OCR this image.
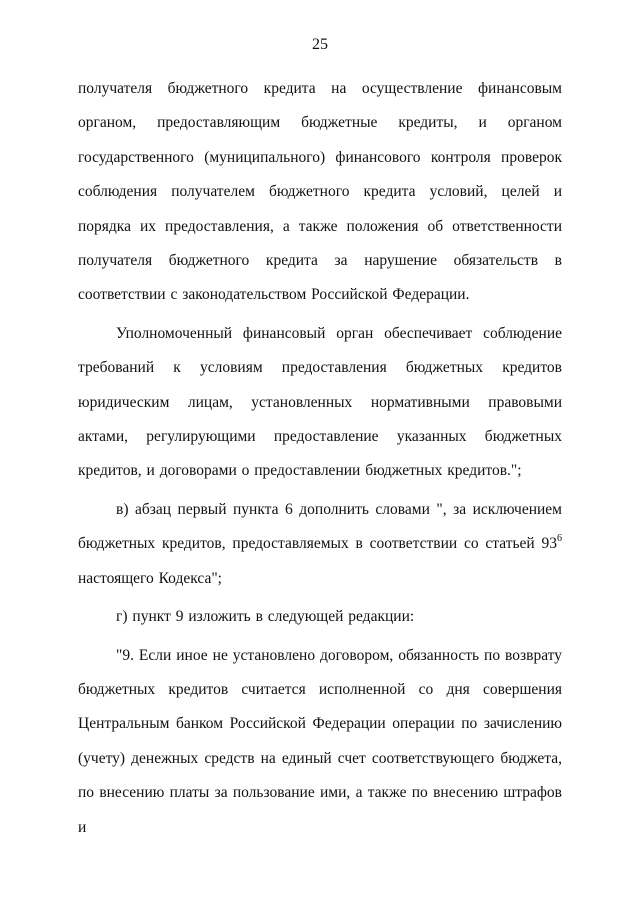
25

получателя бюджетного кредита на осуществление финансовым органом, предоставляющим бюджетные кредиты, и органом государственного (муниципального) финансового контроля проверок соблюдения получателем бюджетного кредита условий, целей и порядка их предоставления, а также положения об ответственности получателя бюджетного кредита за нарушение обязательств в соответствии с законодательством Российской Федерации.

Уполномоченный финансовый орган обеспечивает соблюдение требований к условиям предоставления бюджетных кредитов юридическим лицам, установленных нормативными правовыми актами, регулирующими предоставление указанных бюджетных кредитов, и договорами о предоставлении бюджетных кредитов.";

в) абзац первый пункта 6 дополнить словами ", за исключением бюджетных кредитов, предоставляемых в соответствии со статьей $93^6$ настоящего Кодекса";

г) пункт 9 изложить в следующей редакции:

"9. Если иное не установлено договором, обязанность по возврату бюджетных кредитов считается исполненной со дня совершения Центральным банком Российской Федерации операции по зачислению (учету) денежных средств на единый счет соответствующего бюджета, по внесению платы за пользование ими, а также по внесению штрафов и
